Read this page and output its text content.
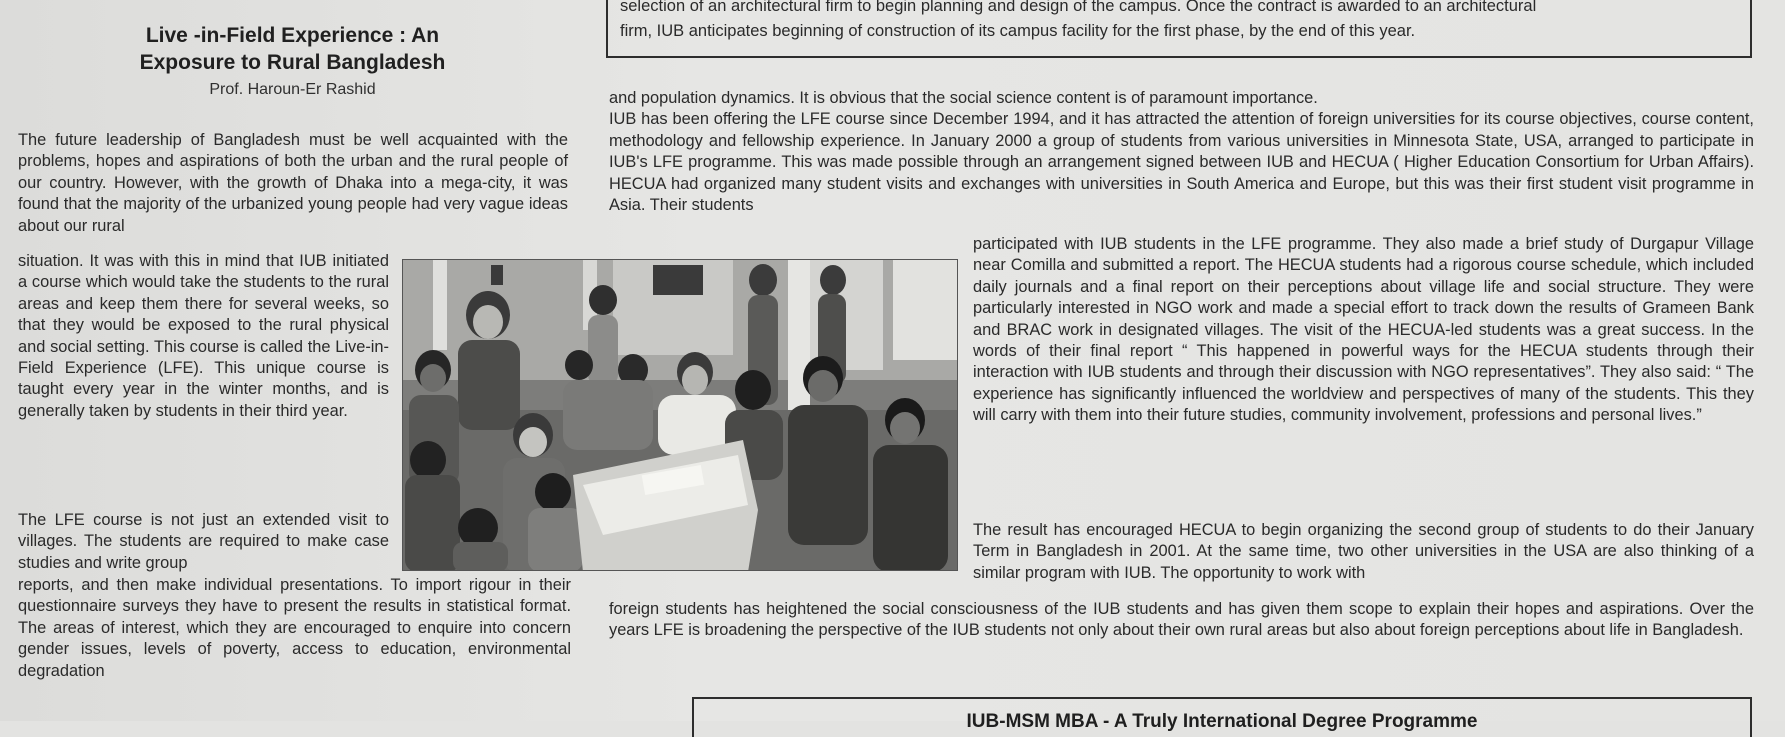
selection of an architectural firm to begin planning and design of the campus. Once the contract is awarded to an architectural

firm, IUB anticipates beginning of construction of its campus facility for the first phase, by the end of this year.

Live -in-Field Experience : An
Exposure to Rural Bangladesh
Prof. Haroun-Er Rashid

The future leadership of Bangladesh must be well acquainted with the problems, hopes and aspirations of both the urban and the rural people of our country. However, with the growth of Dhaka into a mega-city, it was found that the majority of the urbanized young people had very vague ideas about our rural

situation. It was with this in mind that IUB initiated a course which would take the students to the rural areas and keep them there for several weeks, so that they would be exposed to the rural physical and social setting. This course is called the Live-in-Field Experience (LFE). This unique course is taught every year in the winter months, and is generally taken by students in their third year.

The LFE course is not just an extended visit to villages. The students are required to make case studies and write group

reports, and then make individual presentations. To import rigour in their questionnaire surveys they have to present the results in statistical format. The areas of interest, which they are encouraged to enquire into concern gender issues, levels of poverty, access to education, environmental degradation

and population dynamics. It is obvious that the social science content is of paramount importance.

IUB has been offering the LFE course since December 1994, and it has attracted the attention of foreign universities for its course objectives, course content, methodology and fellowship experience. In January 2000 a group of students from various universities in Minnesota State, USA, arranged to participate in IUB's LFE programme. This was made possible through an arrangement signed between IUB and HECUA ( Higher Education Consortium for Urban Affairs). HECUA had organized many student visits and exchanges with universities in South America and Europe, but this was their first student visit programme in Asia. Their students

participated with IUB students in the LFE programme. They also made a brief study of Durgapur Village near Comilla and submitted a report. The HECUA students had a rigorous course schedule, which included daily journals and a final report on their perceptions about village life and social structure. They were particularly interested in NGO work and made a special effort to track down the results of Grameen Bank and BRAC work in designated villages. The visit of the HECUA-led students was a great success. In the words of their final report “ This happened in powerful ways for the HECUA students through their interaction with IUB students and through their discussion with NGO representatives”. They also said: “ The experience has significantly influenced the worldview and perspectives of many of the students. This they will carry with them into their future studies, community involvement, professions and personal lives.”

The result has encouraged HECUA to begin organizing the second group of students to do their January Term in Bangladesh in 2001. At the same time, two other universities in the USA are also thinking of a similar program with IUB. The opportunity to work with

foreign students has heightened the social consciousness of the IUB students and has given them scope to explain their hopes and aspirations. Over the years LFE is broadening the perspective of the IUB students not only about their own rural areas but also about foreign perceptions about life in Bangladesh.

IUB-MSM MBA - A Truly International Degree Programme
